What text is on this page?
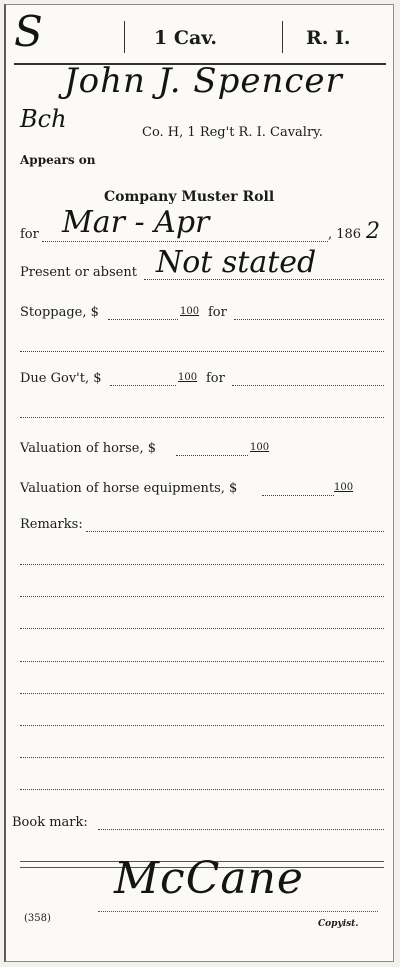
S	1 Cav.	R. I.
John J. Spencer
Bch	Co. H, 1 Reg't R. I. Cavalry.
Appears on
Company Muster Roll
for Mar - Apr	, 186 2
Present or absent Not stated
Stoppage, $	100 for
Due Gov't, $	100 for
Valuation of horse, $	100
Valuation of horse equipments, $	100
Remarks:
Book mark:
McCane
(358)	Copyist.
